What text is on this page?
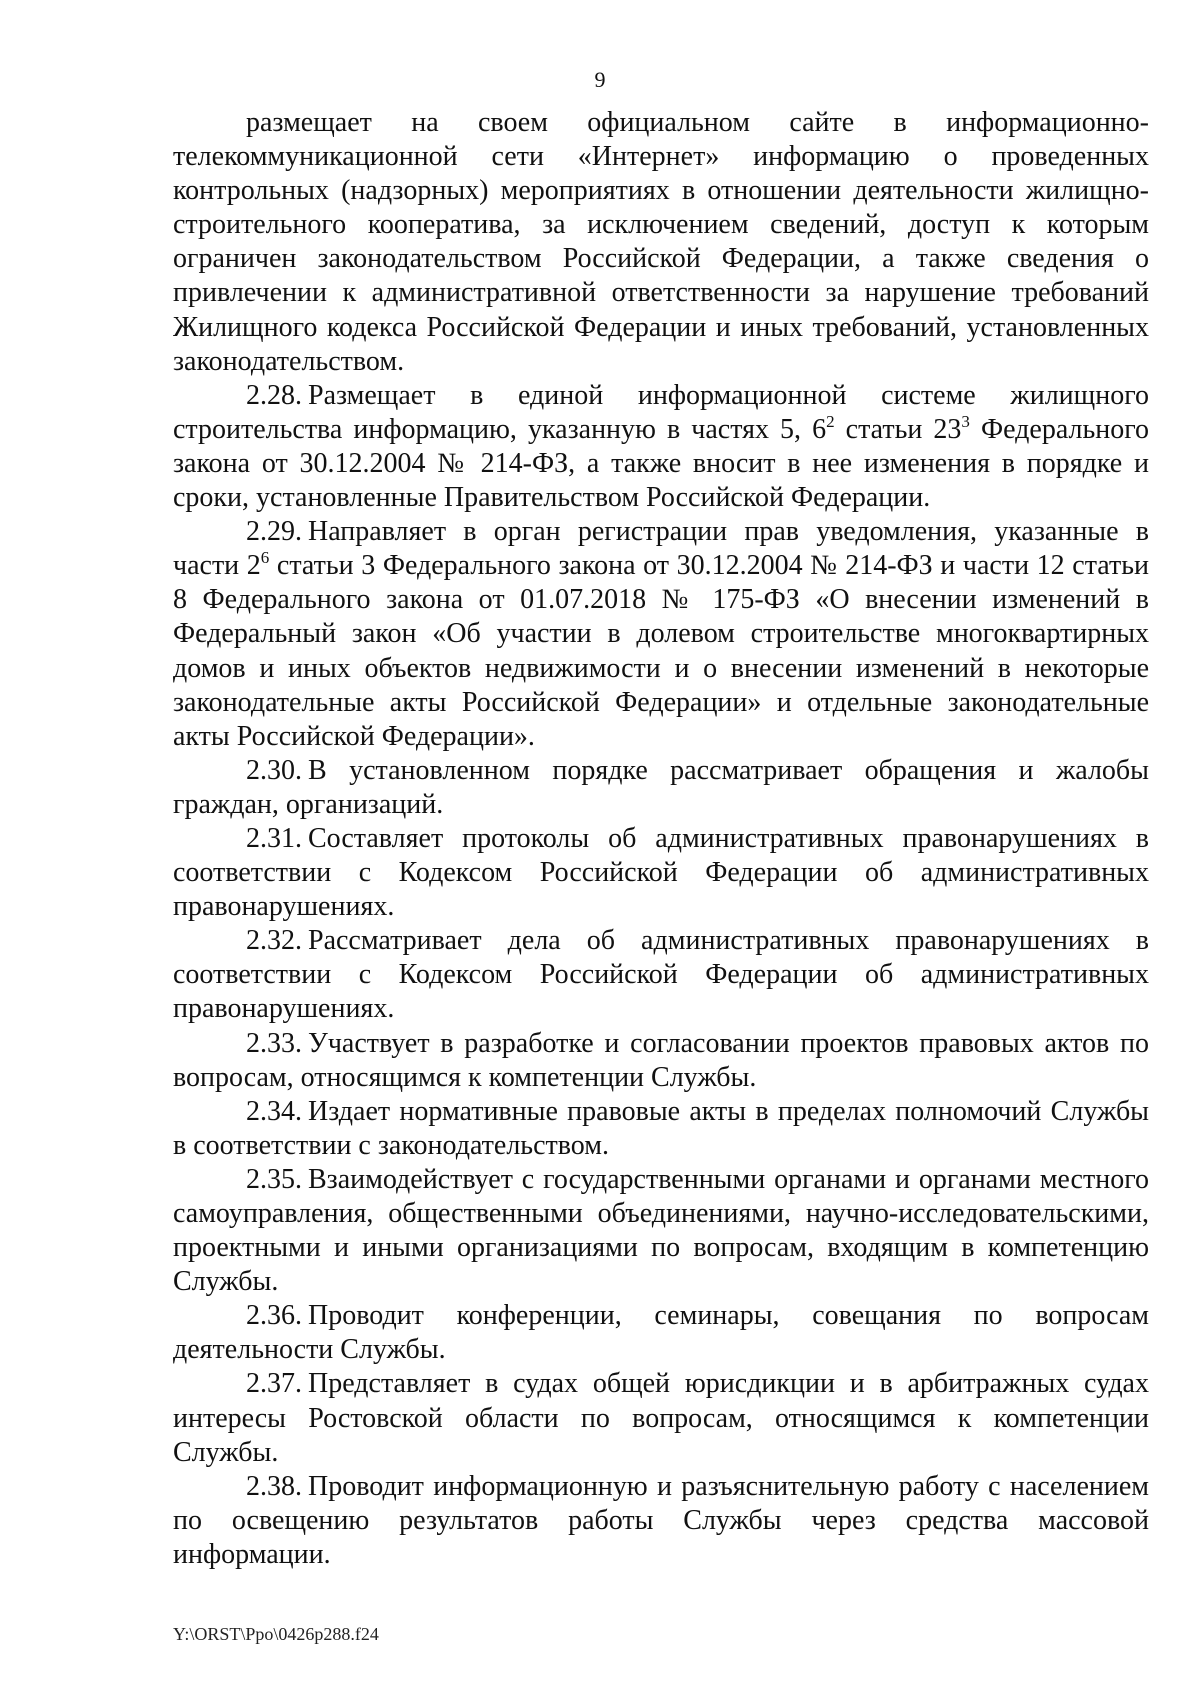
9

размещает на своем официальном сайте в информационно-телекоммуникационной сети «Интернет» информацию о проведенных контрольных (надзорных) мероприятиях в отношении деятельности жилищно-строительного кооператива, за исключением сведений, доступ к которым ограничен законодательством Российской Федерации, а также сведения о привлечении к административной ответственности за нарушение требований Жилищного кодекса Российской Федерации и иных требований, установленных законодательством.

2.28. Размещает в единой информационной системе жилищного строительства информацию, указанную в частях 5, $6^2$ статьи $23^3$ Федерального закона от 30.12.2004 № 214-ФЗ, а также вносит в нее изменения в порядке и сроки, установленные Правительством Российской Федерации.

2.29. Направляет в орган регистрации прав уведомления, указанные в части $2^6$ статьи 3 Федерального закона от 30.12.2004 № 214-ФЗ и части 12 статьи 8 Федерального закона от 01.07.2018 № 175-ФЗ «О внесении изменений в Федеральный закон «Об участии в долевом строительстве многоквартирных домов и иных объектов недвижимости и о внесении изменений в некоторые законодательные акты Российской Федерации» и отдельные законодательные акты Российской Федерации».

2.30. В установленном порядке рассматривает обращения и жалобы граждан, организаций.

2.31. Составляет протоколы об административных правонарушениях в соответствии с Кодексом Российской Федерации об административных правонарушениях.

2.32. Рассматривает дела об административных правонарушениях в соответствии с Кодексом Российской Федерации об административных правонарушениях.

2.33. Участвует в разработке и согласовании проектов правовых актов по вопросам, относящимся к компетенции Службы.

2.34. Издает нормативные правовые акты в пределах полномочий Службы в соответствии с законодательством.

2.35. Взаимодействует с государственными органами и органами местного самоуправления, общественными объединениями, научно-исследовательскими, проектными и иными организациями по вопросам, входящим в компетенцию Службы.

2.36. Проводит конференции, семинары, совещания по вопросам деятельности Службы.

2.37. Представляет в судах общей юрисдикции и в арбитражных судах интересы Ростовской области по вопросам, относящимся к компетенции Службы.

2.38. Проводит информационную и разъяснительную работу с населением по освещению результатов работы Службы через средства массовой информации.

Y:\ORST\Ppo\0426p288.f24
